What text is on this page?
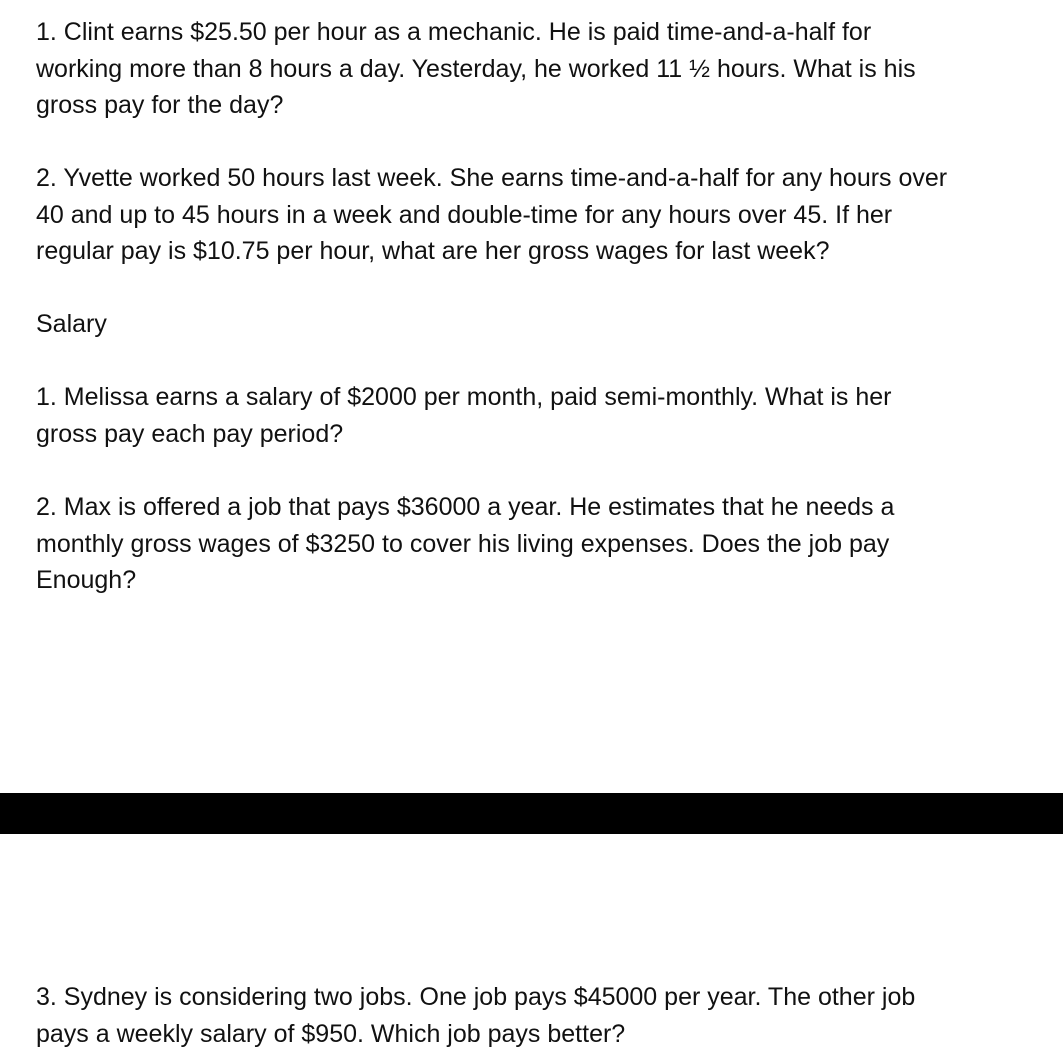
1. Clint earns $25.50 per hour as a mechanic. He is paid time-and-a-half for
working more than 8 hours a day. Yesterday, he worked 11 ½ hours. What is his
gross pay for the day?
2. Yvette worked 50 hours last week. She earns time-and-a-half for any hours over
40 and up to 45 hours in a week and double-time for any hours over 45. If her
regular pay is $10.75 per hour, what are her gross wages for last week?
Salary
1. Melissa earns a salary of $2000 per month, paid semi-monthly. What is her
gross pay each pay period?
2. Max is offered a job that pays $36000 a year. He estimates that he needs a
monthly gross wages of $3250 to cover his living expenses. Does the job pay
Enough?
3. Sydney is considering two jobs. One job pays $45000 per year. The other job
pays a weekly salary of $950. Which job pays better?
